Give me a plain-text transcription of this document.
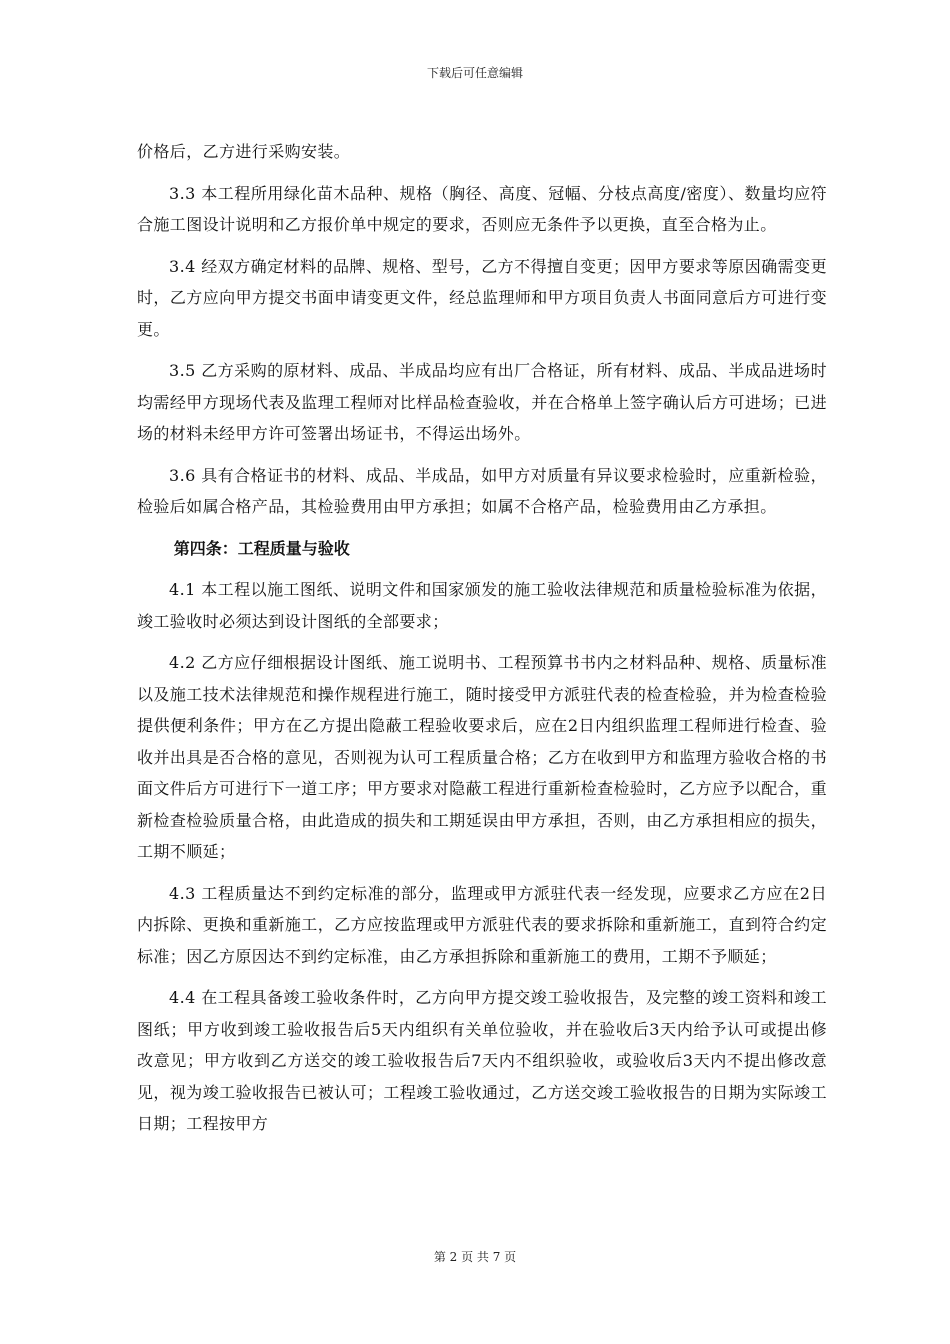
下载后可任意编辑

价格后，乙方进行采购安装。

3.3 本工程所用绿化苗木品种、规格（胸径、高度、冠幅、分枝点高度/密度）、数量均应符合施工图设计说明和乙方报价单中规定的要求，否则应无条件予以更换，直至合格为止。

3.4 经双方确定材料的品牌、规格、型号，乙方不得擅自变更；因甲方要求等原因确需变更时，乙方应向甲方提交书面申请变更文件，经总监理师和甲方项目负责人书面同意后方可进行变更。

3.5 乙方采购的原材料、成品、半成品均应有出厂合格证，所有材料、成品、半成品进场时均需经甲方现场代表及监理工程师对比样品检查验收，并在合格单上签字确认后方可进场；已进场的材料未经甲方许可签署出场证书，不得运出场外。

3.6 具有合格证书的材料、成品、半成品，如甲方对质量有异议要求检验时，应重新检验，检验后如属合格产品，其检验费用由甲方承担；如属不合格产品，检验费用由乙方承担。

第四条：工程质量与验收

4.1 本工程以施工图纸、说明文件和国家颁发的施工验收法律规范和质量检验标准为依据，竣工验收时必须达到设计图纸的全部要求；

4.2 乙方应仔细根据设计图纸、施工说明书、工程预算书书内之材料品种、规格、质量标准以及施工技术法律规范和操作规程进行施工，随时接受甲方派驻代表的检查检验，并为检查检验提供便利条件；甲方在乙方提出隐蔽工程验收要求后，应在2日内组织监理工程师进行检查、验收并出具是否合格的意见，否则视为认可工程质量合格；乙方在收到甲方和监理方验收合格的书面文件后方可进行下一道工序；甲方要求对隐蔽工程进行重新检查检验时，乙方应予以配合，重新检查检验质量合格，由此造成的损失和工期延误由甲方承担，否则，由乙方承担相应的损失，工期不顺延；

4.3 工程质量达不到约定标准的部分，监理或甲方派驻代表一经发现，应要求乙方应在2日内拆除、更换和重新施工，乙方应按监理或甲方派驻代表的要求拆除和重新施工，直到符合约定标准；因乙方原因达不到约定标准，由乙方承担拆除和重新施工的费用，工期不予顺延；

4.4 在工程具备竣工验收条件时，乙方向甲方提交竣工验收报告，及完整的竣工资料和竣工图纸；甲方收到竣工验收报告后5天内组织有关单位验收，并在验收后3天内给予认可或提出修改意见；甲方收到乙方送交的竣工验收报告后7天内不组织验收，或验收后3天内不提出修改意见，视为竣工验收报告已被认可；工程竣工验收通过，乙方送交竣工验收报告的日期为实际竣工日期；工程按甲方

第 2 页 共 7 页
